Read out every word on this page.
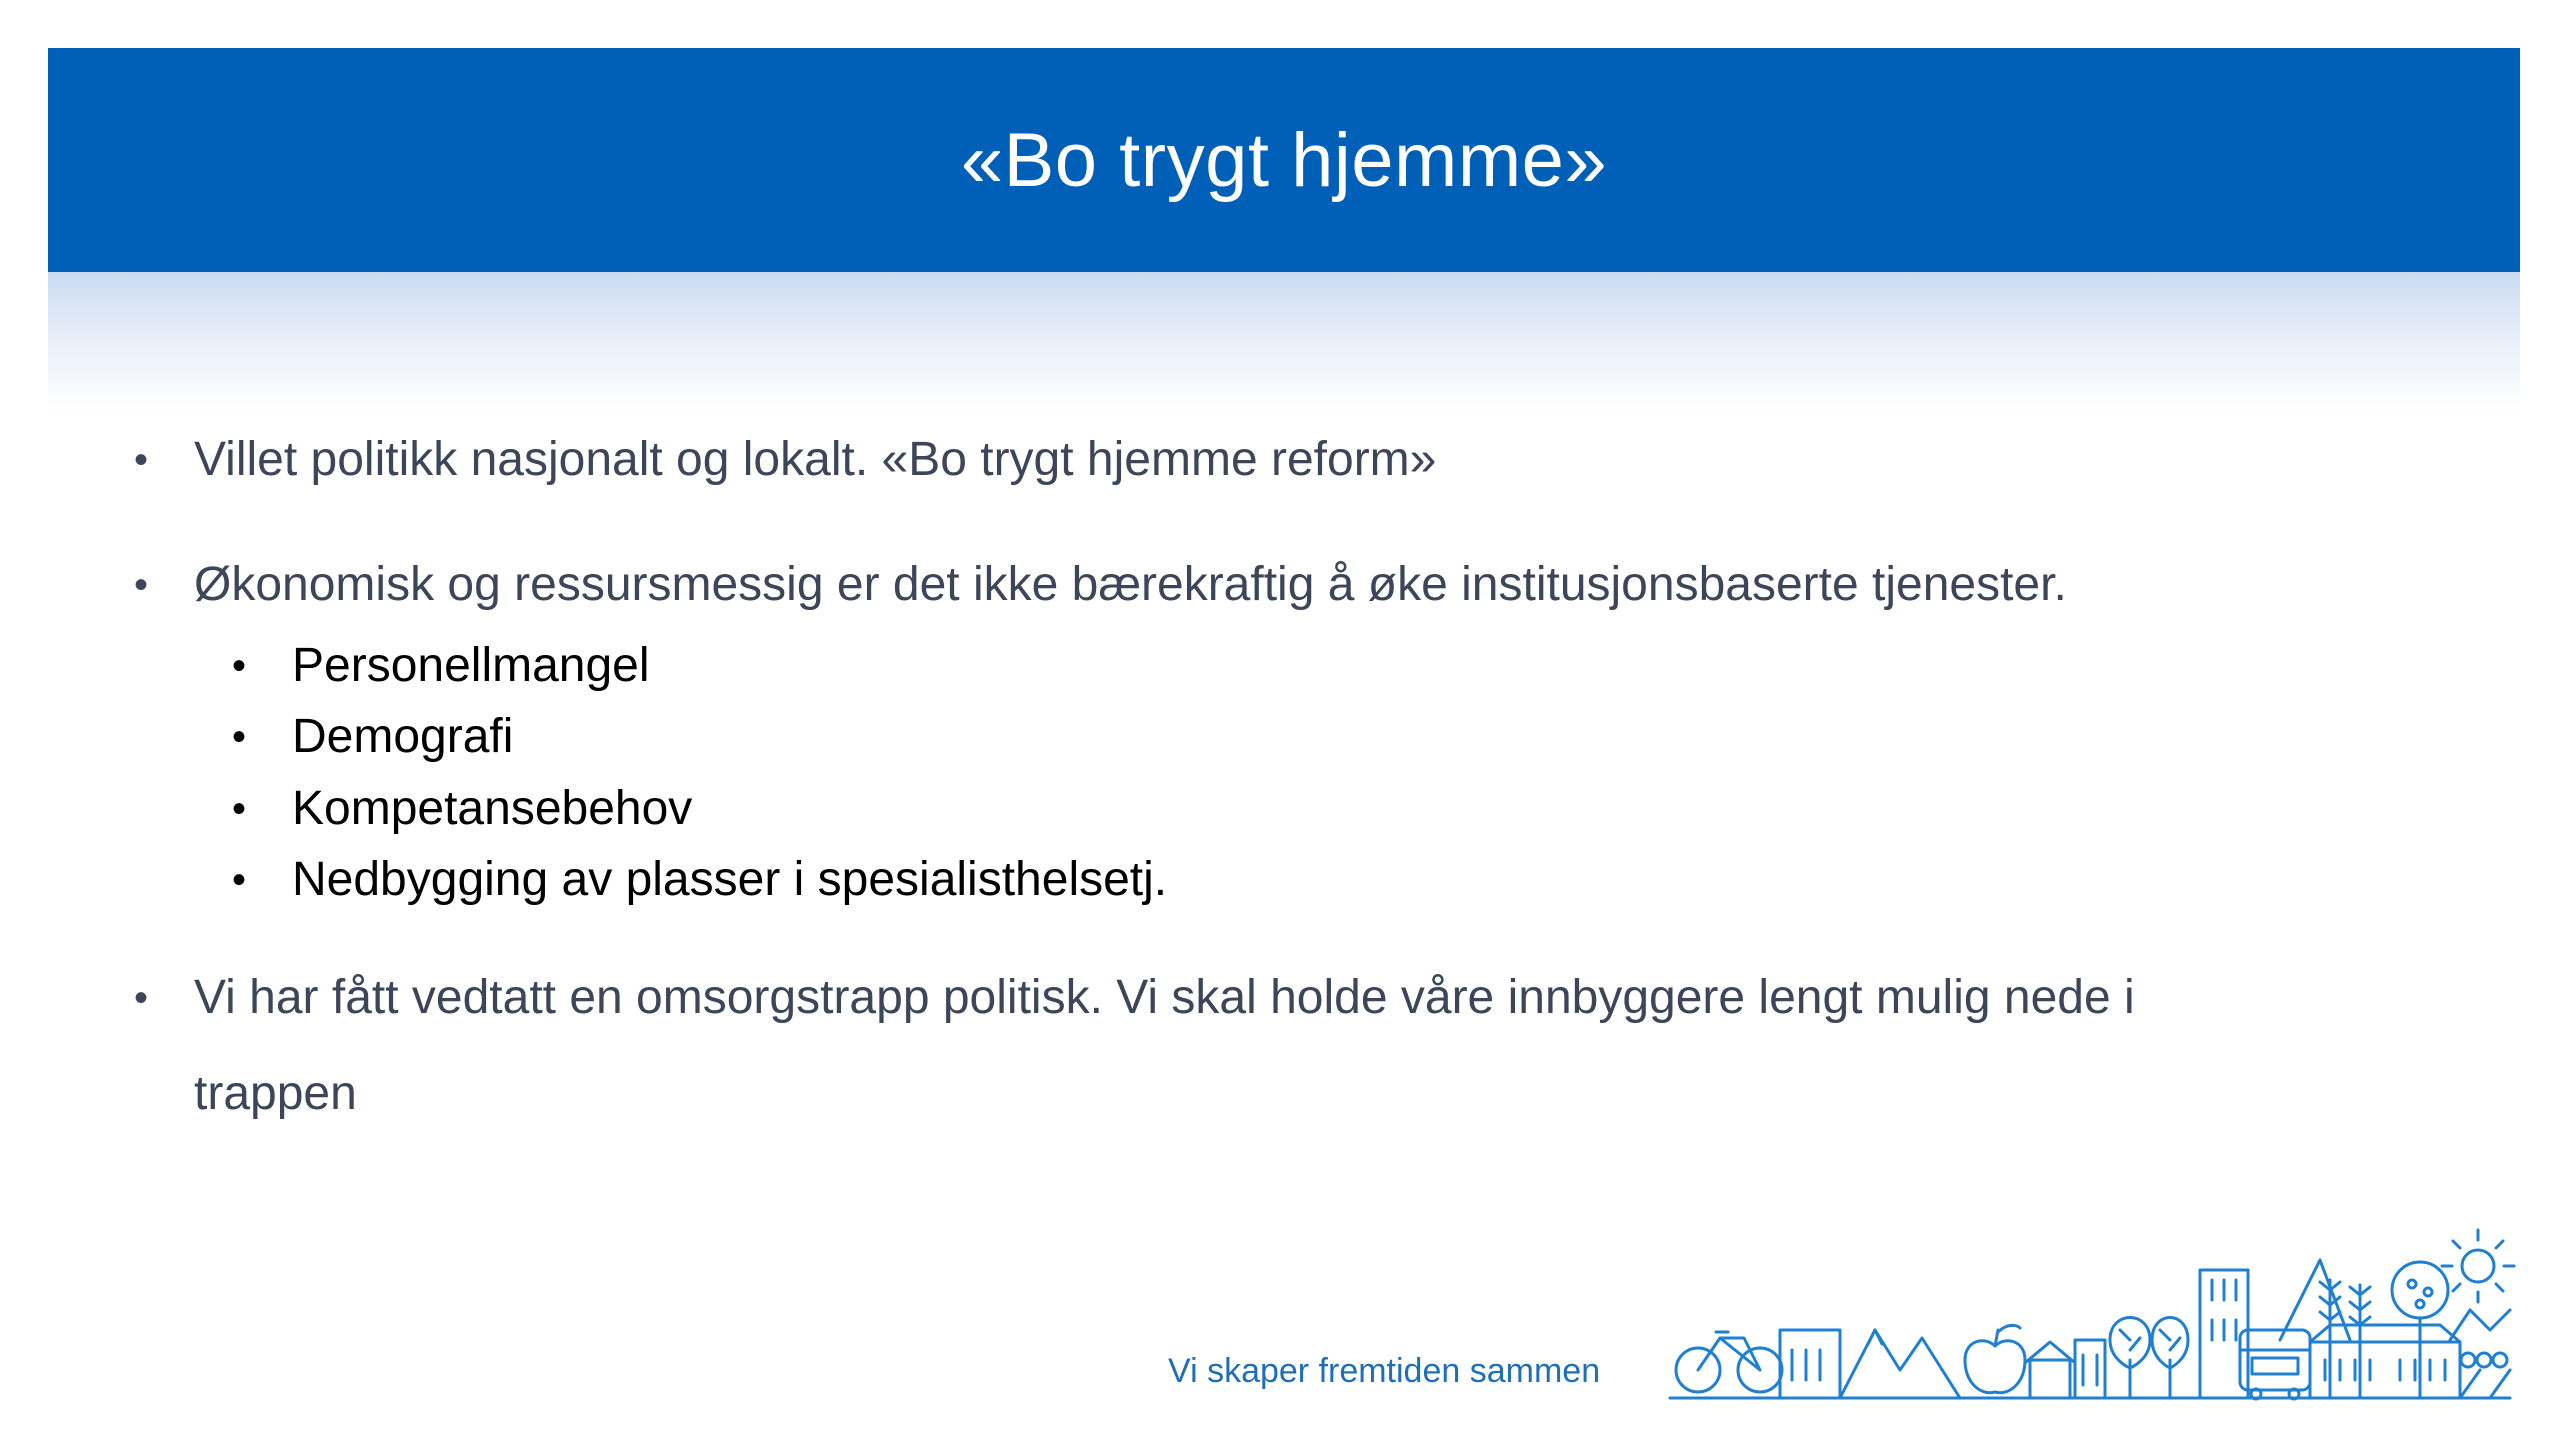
«Bo trygt hjemme»
• Villet politikk nasjonalt og lokalt. «Bo trygt hjemme reform»
• Økonomisk og ressursmessig er det ikke bærekraftig å øke institusjonsbaserte tjenester.
• Personellmangel
• Demografi
• Kompetansebehov
• Nedbygging av plasser i spesialisthelsetj.
• Vi har fått vedtatt en omsorgstrapp politisk. Vi skal holde våre innbyggere lengt mulig nede i
trappen
Vi skaper fremtiden sammen
